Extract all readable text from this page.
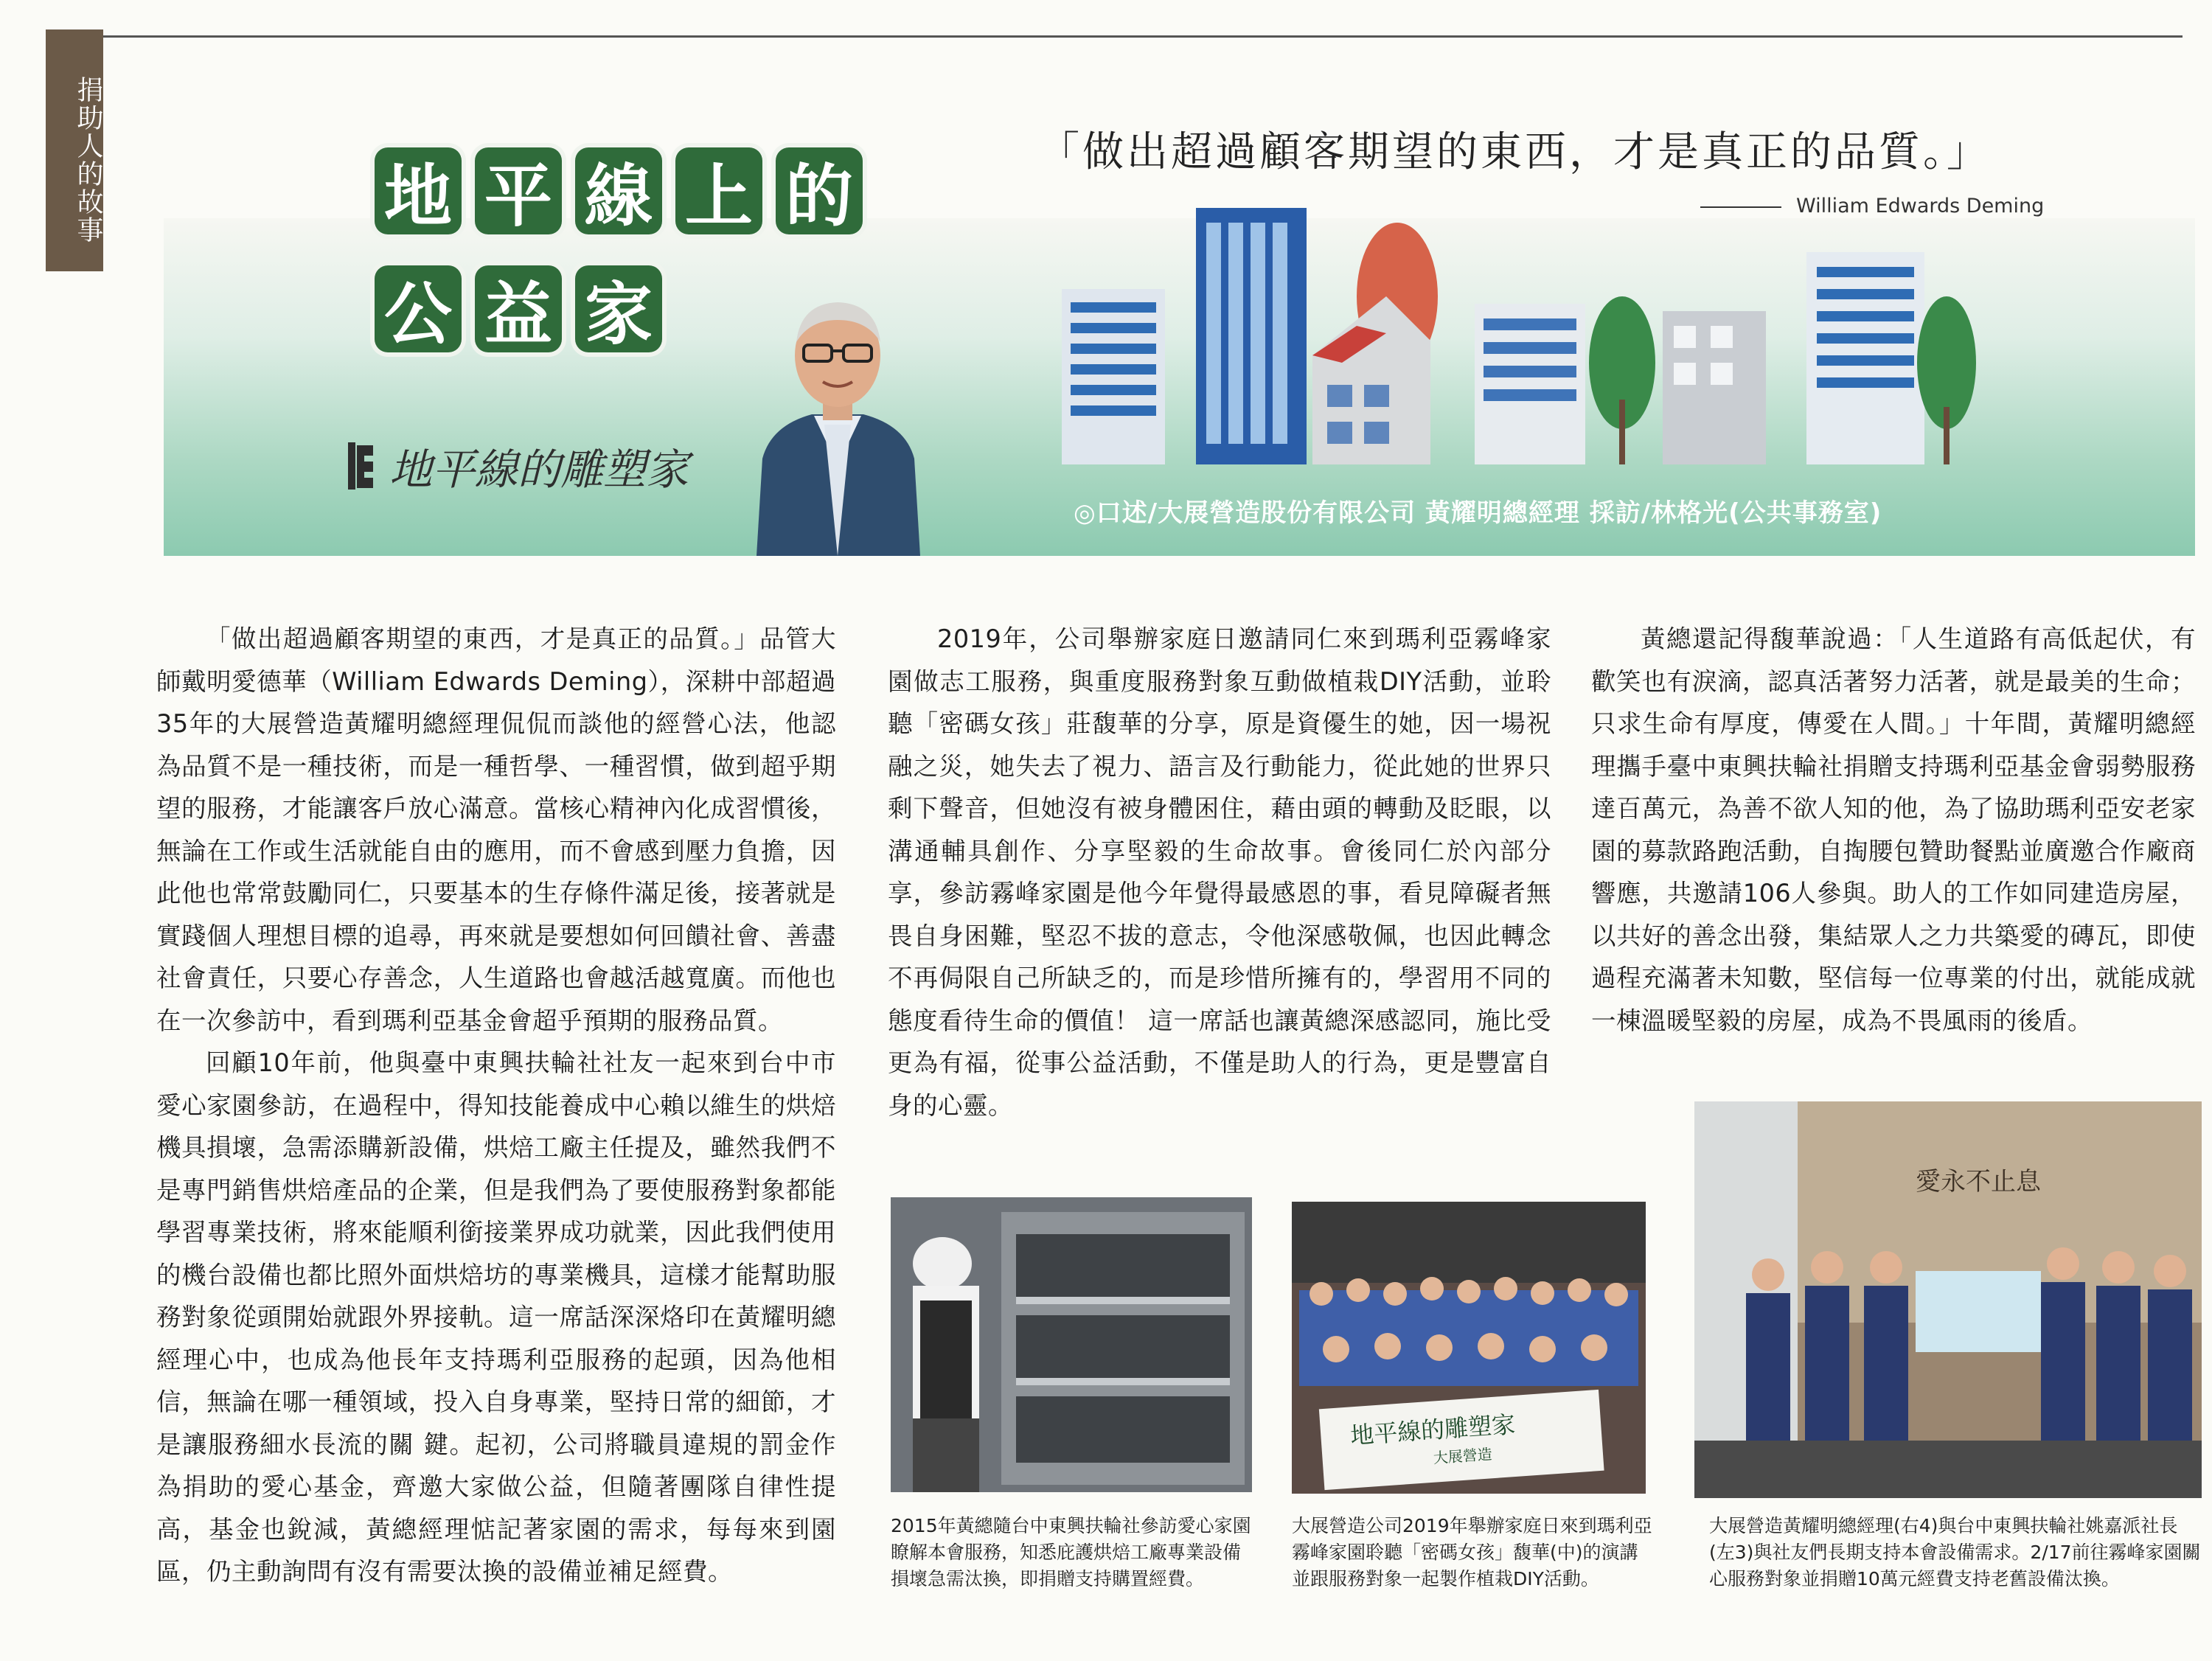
捐助人的故事	地 平 線 上 的
公 益 家
地平線的雕塑家
「做出超過顧客期望的東西，才是真正的品質。」
William Edwards Deming
◎口述/大展營造股份有限公司 黃耀明總經理 採訪/林格光(公共事務室)

「做出超過顧客期望的東西，才是真正的品質。」品管大師戴明愛德華（William Edwards Deming），深耕中部超過35年的大展營造黃耀明總經理侃侃而談他的經營心法，他認為品質不是一種技術，而是一種哲學、一種習慣，做到超乎期望的服務，才能讓客戶放心滿意。當核心精神內化成習慣後，無論在工作或生活就能自由的應用，而不會感到壓力負擔，因此他也常常鼓勵同仁，只要基本的生存條件滿足後，接著就是實踐個人理想目標的追尋，再來就是要想如何回饋社會、善盡社會責任，只要心存善念，人生道路也會越活越寬廣。而他也在一次參訪中，看到瑪利亞基金會超乎預期的服務品質。

回顧10年前，他與臺中東興扶輪社社友一起來到台中市愛心家園參訪，在過程中，得知技能養成中心賴以維生的烘焙機具損壞，急需添購新設備，烘焙工廠主任提及，雖然我們不是專門銷售烘焙產品的企業，但是我們為了要使服務對象都能學習專業技術，將來能順利銜接業界成功就業，因此我們使用的機台設備也都比照外面烘焙坊的專業機具，這樣才能幫助服務對象從頭開始就跟外界接軌。這一席話深深烙印在黃耀明總經理心中，也成為他長年支持瑪利亞服務的起頭，因為他相信，無論在哪一種領域，投入自身專業，堅持日常的細節，才是讓服務細水長流的關 鍵。起初，公司將職員違規的罰金作為捐助的愛心基金，齊邀大家做公益，但隨著團隊自律性提高，基金也銳減，黃總經理惦記著家園的需求，每每來到園區，仍主動詢問有沒有需要汰換的設備並補足經費。

2019年，公司舉辦家庭日邀請同仁來到瑪利亞霧峰家園做志工服務，與重度服務對象互動做植栽DIY活動，並聆聽「密碼女孩」莊馥華的分享，原是資優生的她，因一場祝融之災，她失去了視力、語言及行動能力，從此她的世界只剩下聲音，但她沒有被身體困住，藉由頭的轉動及眨眼，以溝通輔具創作、分享堅毅的生命故事。會後同仁於內部分享，參訪霧峰家園是他今年覺得最感恩的事，看見障礙者無畏自身困難，堅忍不拔的意志，令他深感敬佩，也因此轉念不再侷限自己所缺乏的，而是珍惜所擁有的，學習用不同的態度看待生命的價值！ 這一席話也讓黃總深感認同，施比受更為有福，從事公益活動，不僅是助人的行為，更是豐富自身的心靈。

黃總還記得馥華說過：「人生道路有高低起伏，有歡笑也有淚滴，認真活著努力活著，就是最美的生命；只求生命有厚度，傳愛在人間。」十年間，黃耀明總經理攜手臺中東興扶輪社捐贈支持瑪利亞基金會弱勢服務達百萬元，為善不欲人知的他，為了協助瑪利亞安老家園的募款路跑活動，自掏腰包贊助餐點並廣邀合作廠商響應，共邀請106人參與。助人的工作如同建造房屋，以共好的善念出發，集結眾人之力共築愛的磚瓦，即使過程充滿著未知數，堅信每一位專業的付出，就能成就一棟溫暖堅毅的房屋，成為不畏風雨的後盾。

2015年黃總隨台中東興扶輪社參訪愛心家園瞭解本會服務，知悉庇護烘焙工廠專業設備損壞急需汰換，即捐贈支持購置經費。
地平線的雕塑家
大展營造
大展營造公司2019年舉辦家庭日來到瑪利亞霧峰家園聆聽「密碼女孩」馥華(中)的演講並跟服務對象一起製作植栽DIY活動。
愛永不止息
大展營造黃耀明總經理(右4)與台中東興扶輪社姚嘉派社長(左3)與社友們長期支持本會設備需求。2/17前往霧峰家園關心服務對象並捐贈10萬元經費支持老舊設備汰換。
